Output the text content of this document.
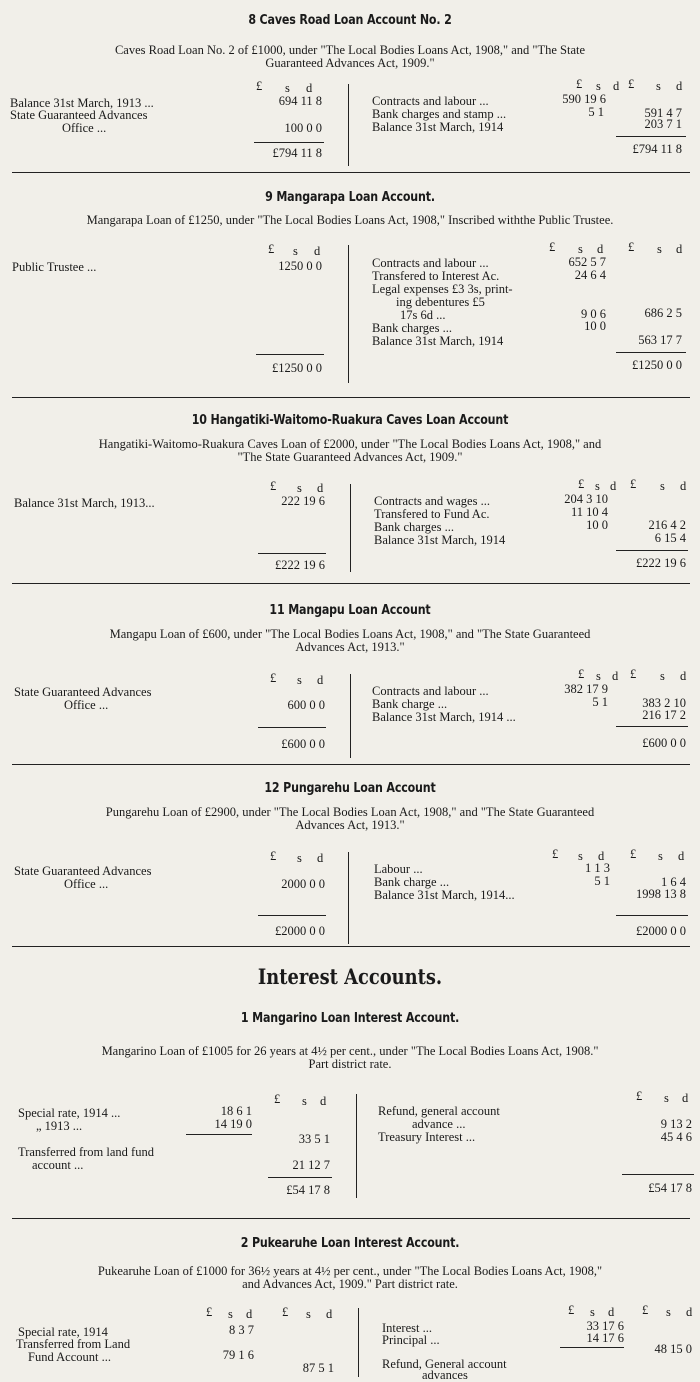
8 Caves Road Loan Account No. 2
Caves Road Loan No. 2 of £1000, under "The Local Bodies Loans Act, 1908," and "The State
Guaranteed Advances Act, 1909."
£ s d	£ s d £ s d
Balance 31st March, 1913 ...	694 11 8
State Guaranteed Advances
Office ...	100 0 0
£794 11 8
Contracts and labour ...	590 19 6
Bank charges and stamp ...	5 1	591 4 7
Balance 31st March, 1914	203 7 1
£794 11 8
9 Mangarapa Loan Account.
Mangarapa Loan of £1250, under "The Local Bodies Loans Act, 1908," Inscribed withthe Public Trustee.
£ s d	£ s d £ s d
Public Trustee ...	1250 0 0
£1250 0 0
Contracts and labour ...	652 5 7
Transfered to Interest Ac.	24 6 4
Legal expenses £3 3s, print-
ing debentures £5
17s 6d ...	9 0 6	686 2 5
Bank charges ...	10 0
Balance 31st March, 1914	563 17 7
£1250 0 0
10 Hangatiki-Waitomo-Ruakura Caves Loan Account
Hangatiki-Waitomo-Ruakura Caves Loan of £2000, under "The Local Bodies Loans Act, 1908," and
"The State Guaranteed Advances Act, 1909."
£ s d	£ s d £ s d
Balance 31st March, 1913...	222 19 6
£222 19 6
Contracts and wages ...	204 3 10
Transfered to Fund Ac.	11 10 4
Bank charges ...	10 0	216 4 2
Balance 31st March, 1914	6 15 4
£222 19 6
11 Mangapu Loan Account
Mangapu Loan of £600, under "The Local Bodies Loans Act, 1908," and "The State Guaranteed
Advances Act, 1913."
£ s d	£ s d £ s d
State Guaranteed Advances
Office ...	600 0 0
£600 0 0
Contracts and labour ...	382 17 9
Bank charge ...	5 1	383 2 10
Balance 31st March, 1914 ...	216 17 2
£600 0 0
12 Pungarehu Loan Account
Pungarehu Loan of £2900, under "The Local Bodies Loan Act, 1908," and "The State Guaranteed
Advances Act, 1913."
£ s d	£ s d £ s d
State Guaranteed Advances
Office ...	2000 0 0
£2000 0 0
Labour ...	1 1 3
Bank charge ...	5 1	1 6 4
Balance 31st March, 1914...	1998 13 8
£2000 0 0
Interest Accounts.
1 Mangarino Loan Interest Account.
Mangarino Loan of £1005 for 26 years at 4½ per cent., under "The Local Bodies Loans Act, 1908."
Part district rate.
£ s d	£ s d
Special rate, 1914 ...	18 6 1
„ 1913 ...	14 19 0
33 5 1
Transferred from land fund
account ...	21 12 7
£54 17 8
Refund, general account
advance ...	9 13 2
Treasury Interest ...	45 4 6
£54 17 8
2 Pukearuhe Loan Interest Account.
Pukearuhe Loan of £1000 for 36½ years at 4½ per cent., under "The Local Bodies Loans Act, 1908,"
and Advances Act, 1909." Part district rate.
£ s d £ s d	£ s d £ s d
Special rate, 1914	8 3 7
Transferred from Land
Fund Account ...	79 1 6
87 5 1
Interest ...	33 17 6
Principal ...	14 17 6
48 15 0
Refund, General account
advances
